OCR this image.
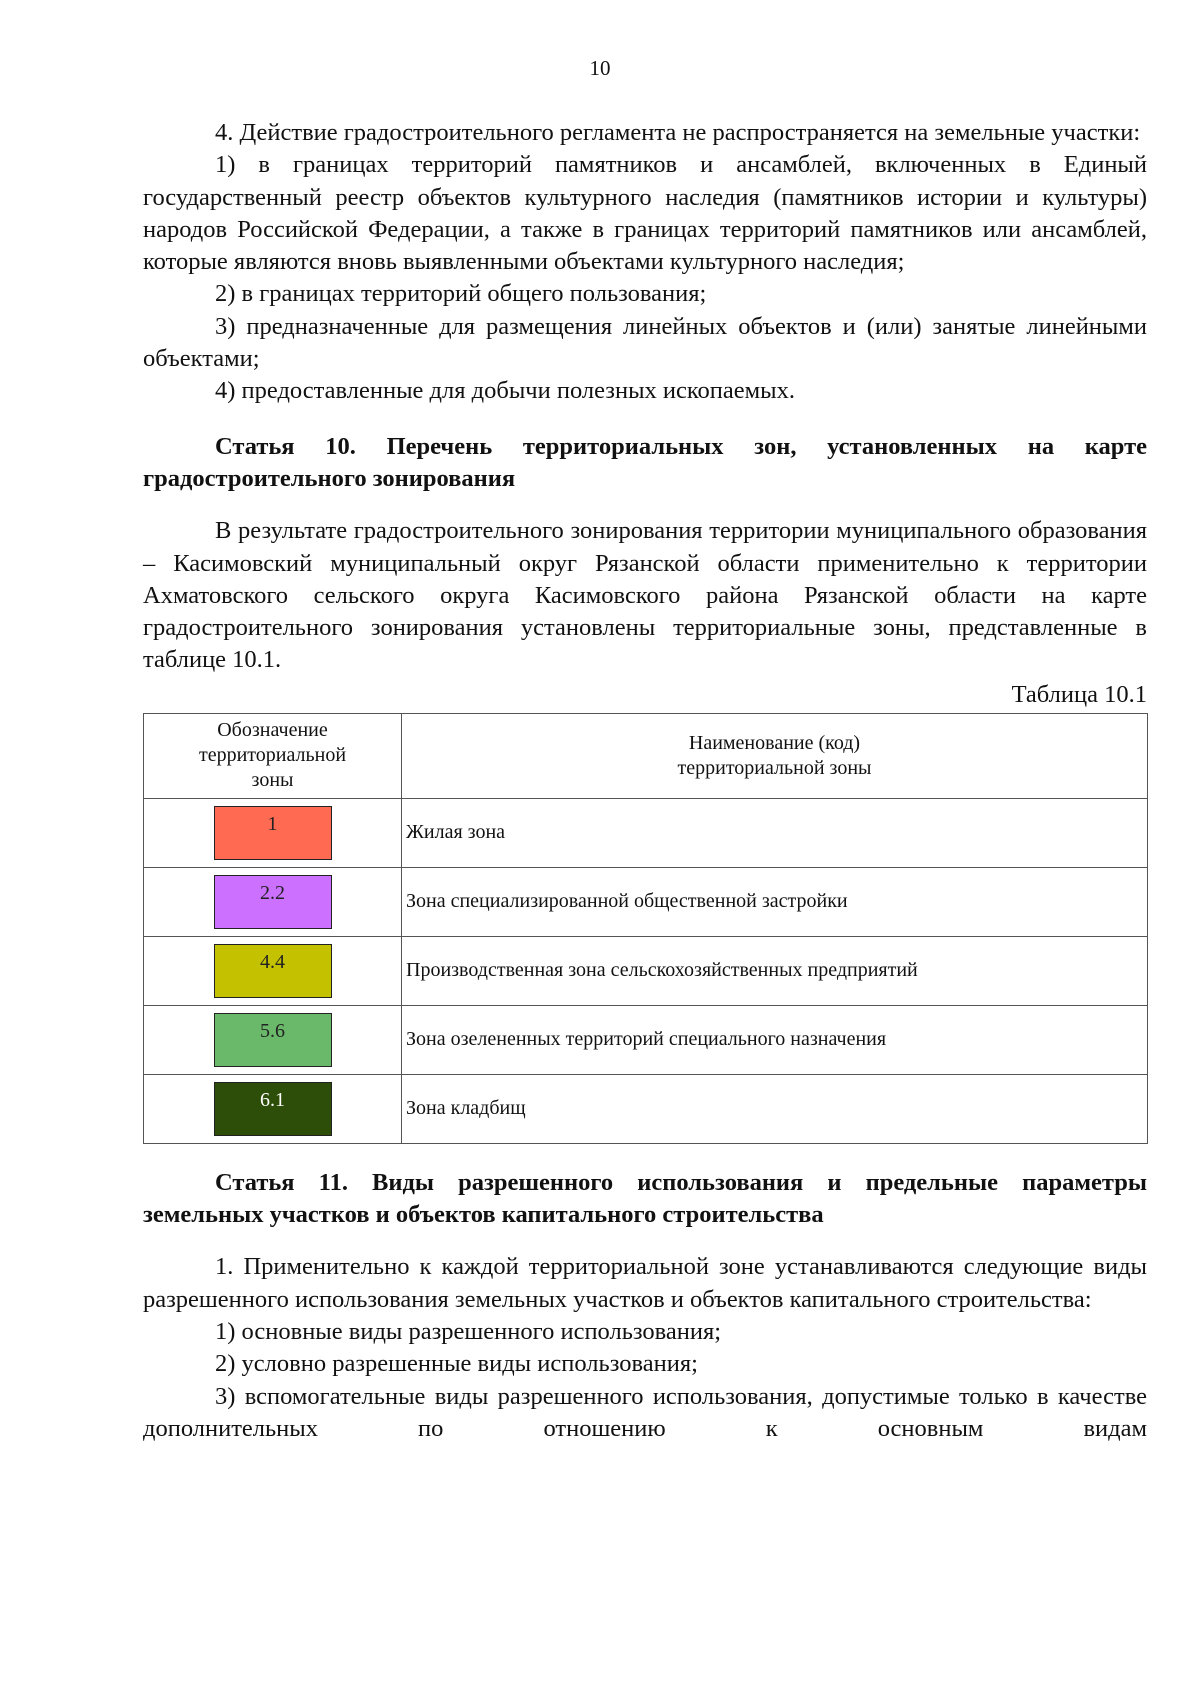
10

4. Действие градостроительного регламента не распространяется на земельные участки:

1) в границах территорий памятников и ансамблей, включенных в Единый государственный реестр объектов культурного наследия (памятников истории и культуры) народов Российской Федерации, а также в границах территорий памятников или ансамблей, которые являются вновь выявленными объектами культурного наследия;

2) в границах территорий общего пользования;

3) предназначенные для размещения линейных объектов и (или) занятые линейными объектами;

4) предоставленные для добычи полезных ископаемых.

Статья 10. Перечень территориальных зон, установленных на карте градостроительного зонирования

В результате градостроительного зонирования территории муниципального образования – Касимовский муниципальный округ Рязанской области применительно к территории Ахматовского сельского округа Касимовского района Рязанской области на карте градостроительного зонирования установлены территориальные зоны, представленные в таблице 10.1.

Таблица 10.1
Обозначение территориальной зоны	Наименование (код) территориальной зоны

1	Жилая зона
2.2	Зона специализированной общественной застройки
4.4	Производственная зона сельскохозяйственных предприятий
5.6	Зона озелененных территорий специального назначения
6.1	Зона кладбищ
Статья 11. Виды разрешенного использования и предельные параметры земельных участков и объектов капитального строительства

1. Применительно к каждой территориальной зоне устанавливаются следующие виды разрешенного использования земельных участков и объектов капитального строительства:

1) основные виды разрешенного использования;

2) условно разрешенные виды использования;

3) вспомогательные виды разрешенного использования, допустимые только в качестве дополнительных по отношению к основным видам
